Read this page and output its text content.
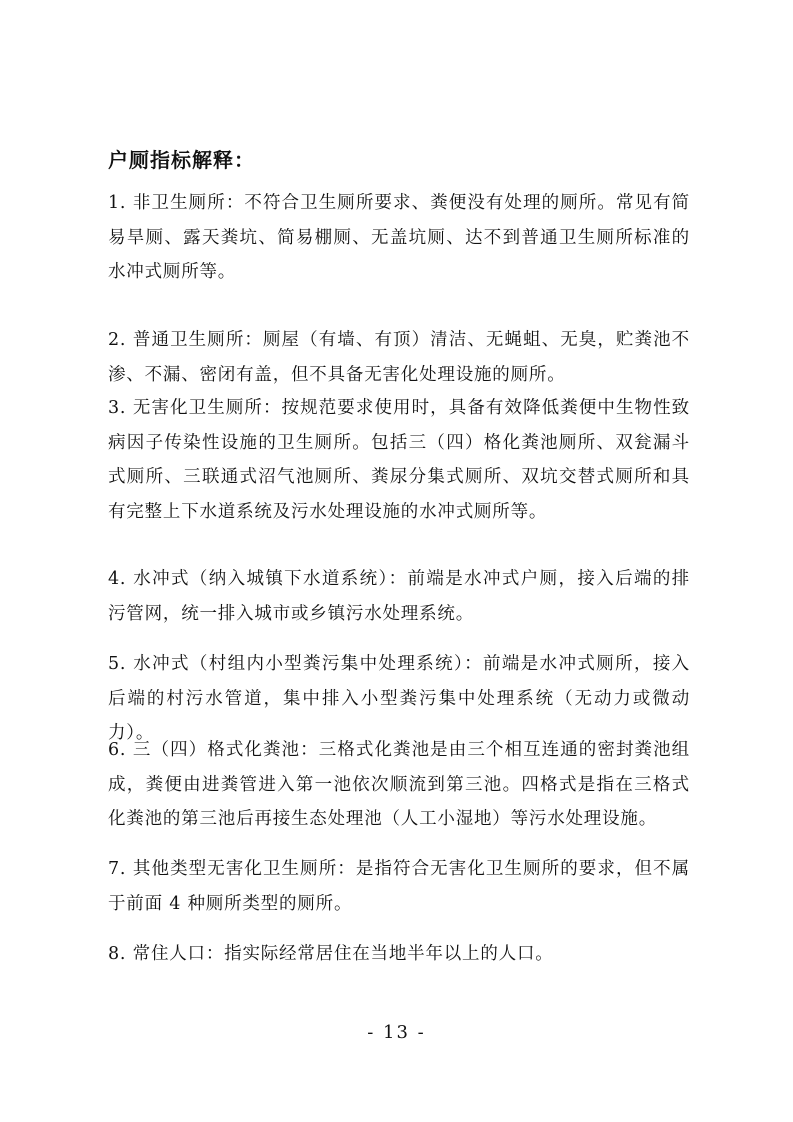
户厕指标解释：
1. 非卫生厕所：不符合卫生厕所要求、粪便没有处理的厕所。常见有简易旱厕、露天粪坑、简易棚厕、无盖坑厕、达不到普通卫生厕所标准的水冲式厕所等。
2. 普通卫生厕所：厕屋（有墙、有顶）清洁、无蝇蛆、无臭，贮粪池不渗、不漏、密闭有盖，但不具备无害化处理设施的厕所。
3. 无害化卫生厕所：按规范要求使用时，具备有效降低粪便中生物性致病因子传染性设施的卫生厕所。包括三（四）格化粪池厕所、双瓮漏斗式厕所、三联通式沼气池厕所、粪尿分集式厕所、双坑交替式厕所和具有完整上下水道系统及污水处理设施的水冲式厕所等。
4. 水冲式（纳入城镇下水道系统）：前端是水冲式户厕，接入后端的排污管网，统一排入城市或乡镇污水处理系统。
5. 水冲式（村组内小型粪污集中处理系统）：前端是水冲式厕所，接入后端的村污水管道，集中排入小型粪污集中处理系统（无动力或微动力）。
6. 三（四）格式化粪池：三格式化粪池是由三个相互连通的密封粪池组成，粪便由进粪管进入第一池依次顺流到第三池。四格式是指在三格式化粪池的第三池后再接生态处理池（人工小湿地）等污水处理设施。
7. 其他类型无害化卫生厕所：是指符合无害化卫生厕所的要求，但不属于前面 4 种厕所类型的厕所。
8. 常住人口：指实际经常居住在当地半年以上的人口。
- 13 -
